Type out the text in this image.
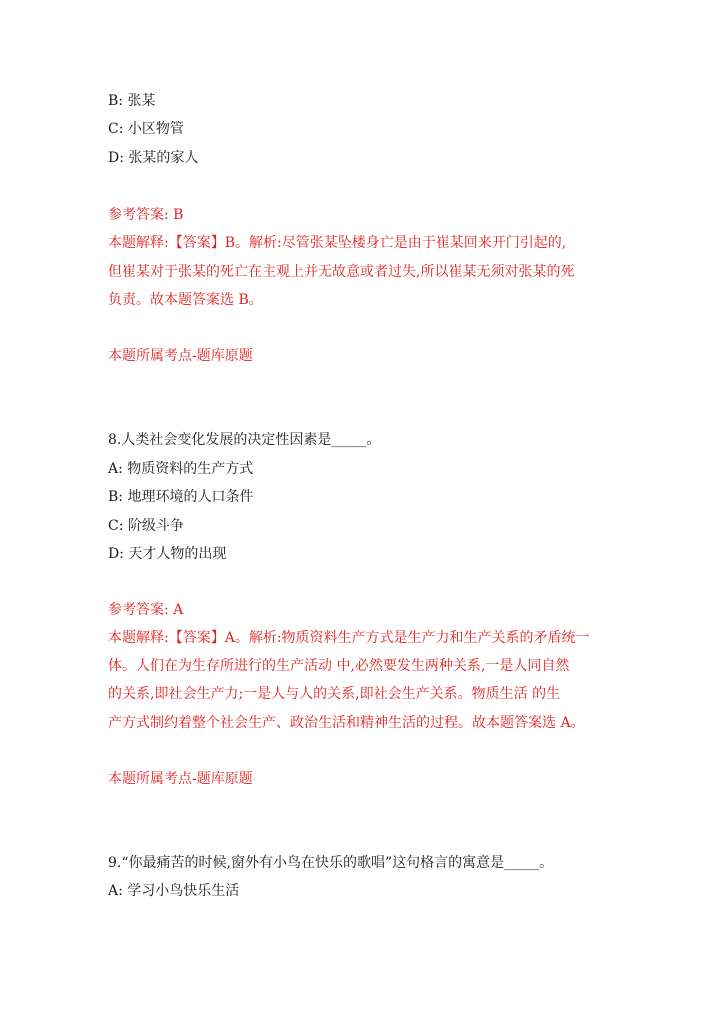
B: 张某
C: 小区物管
D: 张某的家人
参考答案: B
本题解释:【答案】B。解析:尽管张某坠楼身亡是由于崔某回来开门引起的,
但崔某对于张某的死亡在主观上并无故意或者过失,所以崔某无须对张某的死
负责。故本题答案选 B。
本题所属考点-题库原题
8.人类社会变化发展的决定性因素是_____。
A: 物质资料的生产方式
B: 地理环境的人口条件
C: 阶级斗争
D: 天才人物的出现
参考答案: A
本题解释:【答案】A。解析:物质资料生产方式是生产力和生产关系的矛盾统一
体。人们在为生存所进行的生产活动 中,必然要发生两种关系,一是人同自然
的关系,即社会生产力;一是人与人的关系,即社会生产关系。物质生活 的生
产方式制约着整个社会生产、政治生活和精神生活的过程。故本题答案选 A。
本题所属考点-题库原题
9.“你最痛苦的时候,窗外有小鸟在快乐的歌唱”这句格言的寓意是_____。
A: 学习小鸟快乐生活
